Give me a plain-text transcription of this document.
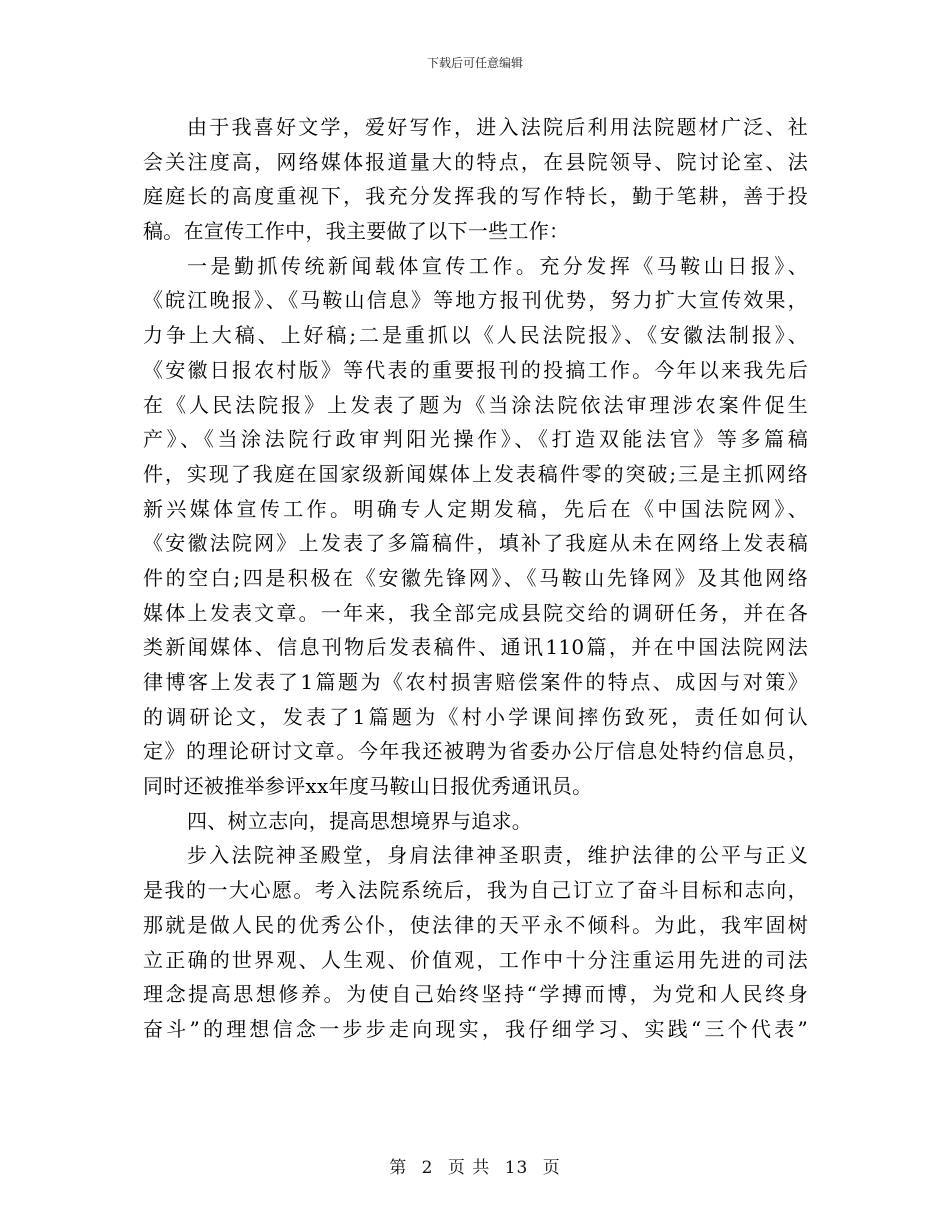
下载后可任意编辑
由于我喜好文学，爱好写作，进入法院后利用法院题材广泛、社
会关注度高，网络媒体报道量大的特点，在县院领导、院讨论室、法
庭庭长的高度重视下，我充分发挥我的写作特长，勤于笔耕，善于投
稿。在宣传工作中，我主要做了以下一些工作：
一是勤抓传统新闻载体宣传工作。充分发挥《马鞍山日报》、
《皖江晚报》、《马鞍山信息》等地方报刊优势，努力扩大宣传效果，
力争上大稿、上好稿;二是重抓以《人民法院报》、《安徽法制报》、
《安徽日报农村版》等代表的重要报刊的投搞工作。今年以来我先后
在《人民法院报》上发表了题为《当涂法院依法审理涉农案件促生
产》、《当涂法院行政审判阳光操作》、《打造双能法官》等多篇稿
件，实现了我庭在国家级新闻媒体上发表稿件零的突破;三是主抓网络
新兴媒体宣传工作。明确专人定期发稿，先后在《中国法院网》、
《安徽法院网》上发表了多篇稿件，填补了我庭从未在网络上发表稿
件的空白;四是积极在《安徽先锋网》、《马鞍山先锋网》及其他网络
媒体上发表文章。一年来，我全部完成县院交给的调研任务，并在各
类新闻媒体、信息刊物后发表稿件、通讯110篇，并在中国法院网法
律博客上发表了1篇题为《农村损害赔偿案件的特点、成因与对策》
的调研论文，发表了1篇题为《村小学课间摔伤致死，责任如何认
定》的理论研讨文章。今年我还被聘为省委办公厅信息处特约信息员，
同时还被推举参评xx年度马鞍山日报优秀通讯员。
四、树立志向，提高思想境界与追求。
步入法院神圣殿堂，身肩法律神圣职责，维护法律的公平与正义
是我的一大心愿。考入法院系统后，我为自己订立了奋斗目标和志向，
那就是做人民的优秀公仆，使法律的天平永不倾科。为此，我牢固树
立正确的世界观、人生观、价值观，工作中十分注重运用先进的司法
理念提高思想修养。为使自己始终坚持“学搏而博，为党和人民终身
奋斗”的理想信念一步步走向现实，我仔细学习、实践“三个代表”
第 2 页 共 13 页
